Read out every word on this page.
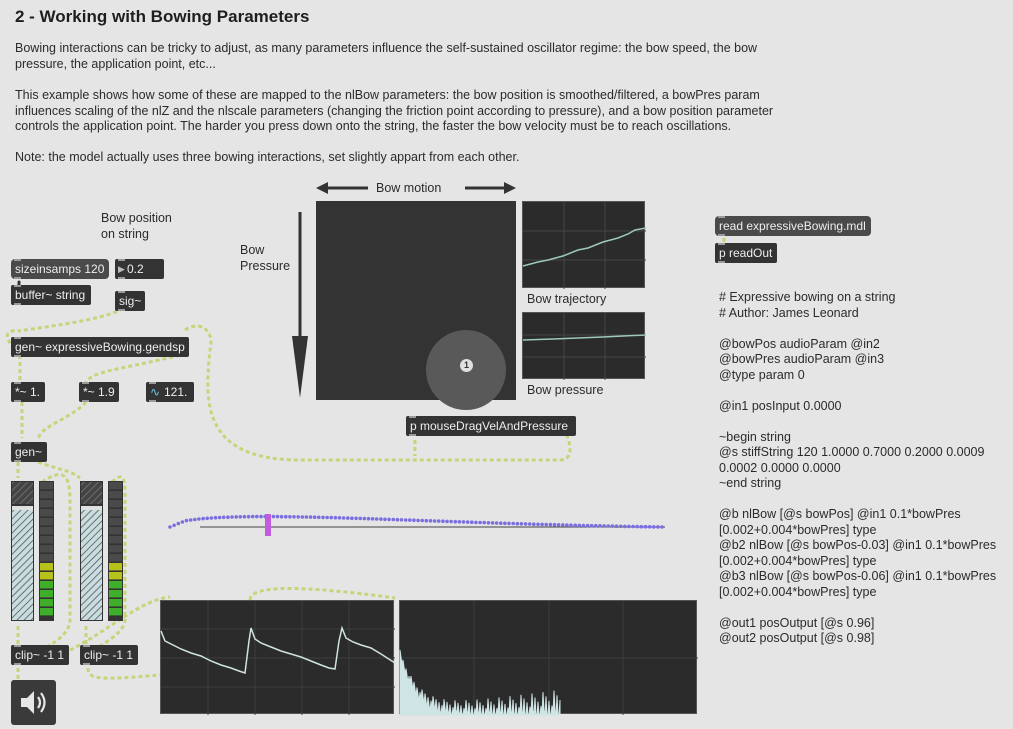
2 - Working with Bowing Parameters
Bowing interactions can be tricky to adjust, as many parameters influence the self-sustained oscillator regime: the bow speed, the bow
pressure, the application point, etc...
This example shows how some of these are mapped to the nlBow parameters: the bow position is smoothed/filtered, a bowPres param
influences scaling of the nlZ and the nlscale parameters (changing the friction point according to pressure), and a bow position parameter
controls the application point. The harder you press down onto the string, the faster the bow velocity must be to reach oscillations.
Note: the model actually uses three bowing interactions, set slightly appart from each other.
Bow position
on string
sizeinsamps 120	▶ 0.2
buffer~ string	sig~
gen~ expressiveBowing.gendsp
*~ 1.	*~ 1.9	∿ 121.
gen~
clip~ -1 1	clip~ -1 1
Bow motion
Bow
Pressure
1
Bow trajectory
Bow pressure
p mouseDragVelAndPressure
read expressiveBowing.mdl
p readOut
# Expressive bowing on a string
# Author: James Leonard
@bowPos audioParam @in2
@bowPres audioParam @in3
@type param 0
@in1 posInput 0.0000
~begin string
@s stiffString 120 1.0000 0.7000 0.2000 0.0009
0.0002 0.0000 0.0000
~end string
@b nlBow [@s bowPos] @in1 0.1*bowPres
[0.002+0.004*bowPres] type
@b2 nlBow [@s bowPos-0.03] @in1 0.1*bowPres
[0.002+0.004*bowPres] type
@b3 nlBow [@s bowPos-0.06] @in1 0.1*bowPres
[0.002+0.004*bowPres] type
@out1 posOutput [@s 0.96]
@out2 posOutput [@s 0.98]
